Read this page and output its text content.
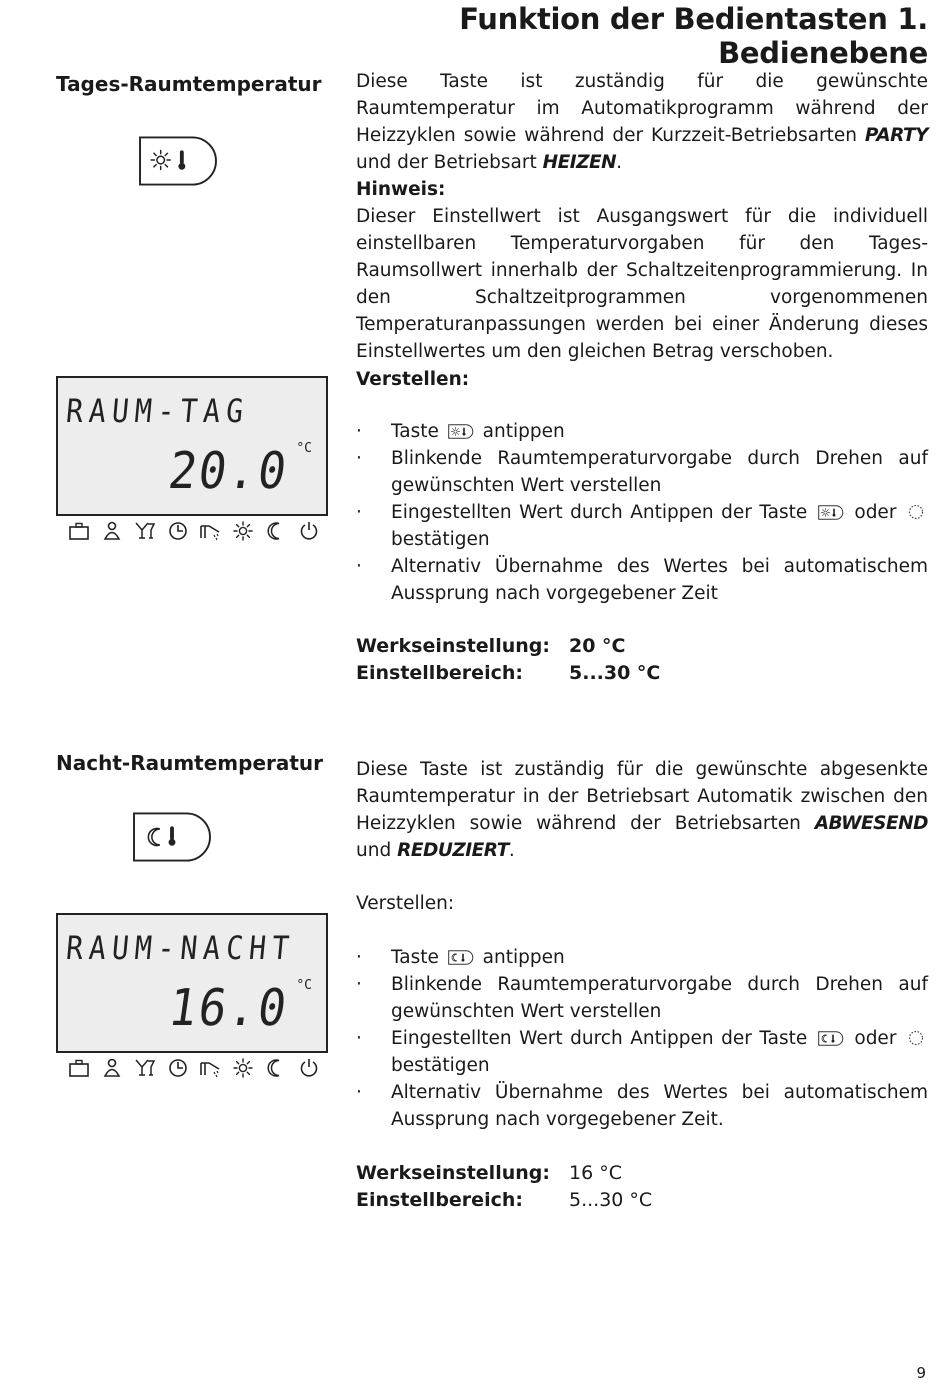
Funktion der Bedientasten 1. Bedienebene
Tages-Raumtemperatur Diese Taste ist zuständig für die gewünschte Raumtemperatur im Automatikprogramm während der Heizzyklen sowie während der Kurzzeit-Betriebsarten PARTY und der Betriebsart HEIZEN.
Hinweis:
Dieser Einstellwert ist Ausgangswert für die individuell einstellbaren Temperaturvorgaben für den Tages-Raumsollwert innerhalb der Schaltzeitenprogrammierung. In den Schaltzeitprogrammen vorgenommenen Temperaturanpassungen werden bei einer Änderung dieses Einstellwertes um den gleichen Betrag verschoben.
Verstellen:
RAUM-TAG
20.0 °C
· Taste antippen
· Blinkende Raumtemperaturvorgabe durch Drehen auf gewünschten Wert verstellen
· Eingestellten Wert durch Antippen der Taste	oder  bestätigen
· Alternativ Übernahme des Wertes bei automatischem Aussprung nach vorgegebener Zeit
Werkseinstellung: 20 °C
Einstellbereich: 5...30 °C
Nacht-Raumtemperatur Diese Taste ist zuständig für die gewünschte abgesenkte Raumtemperatur in der Betriebsart Automatik zwischen den Heizzyklen sowie während der Betriebsarten ABWESEND und REDUZIERT.
Verstellen:
RAUM-NACHT
16.0 °C
· Taste antippen
· Blinkende Raumtemperaturvorgabe durch Drehen auf gewünschten Wert verstellen
· Eingestellten Wert durch Antippen der Taste	oder  bestätigen
· Alternativ Übernahme des Wertes bei automatischem Aussprung nach vorgegebener Zeit.
Werkseinstellung: 16 °C
Einstellbereich: 5...30 °C
9
